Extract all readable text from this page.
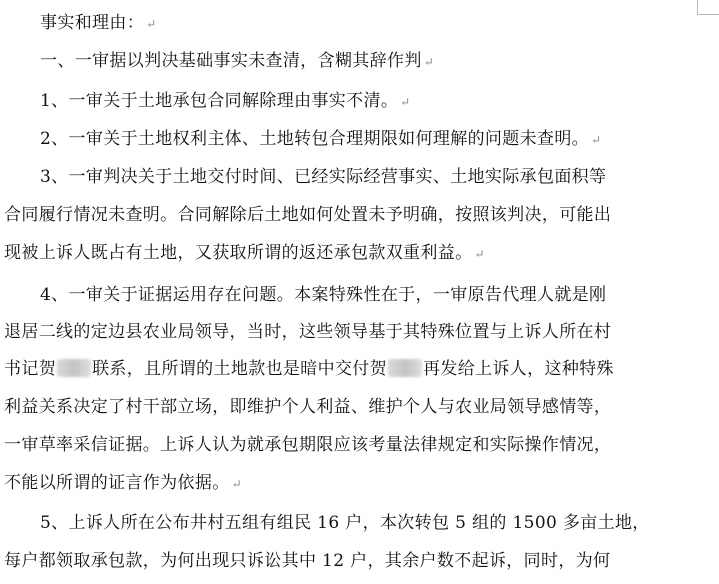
事实和理由： ↵
一、一审据以判决基础事实未查清，含糊其辞作判 ↵
1、一审关于土地承包合同解除理由事实不清。 ↵
2、一审关于土地权利主体、土地转包合理期限如何理解的问题未查明。 ↵
3、一审判决关于土地交付时间、已经实际经营事实、土地实际承包面积等
合同履行情况未查明。合同解除后土地如何处置未予明确，按照该判决，可能出
现被上诉人既占有土地，又获取所谓的返还承包款双重利益。 ↵
4、一审关于证据运用存在问题。本案特殊性在于，一审原告代理人就是刚
退居二线的定边县农业局领导，当时，这些领导基于其特殊位置与上诉人所在村
书记贺 联系，且所谓的土地款也是暗中交付贺 再发给上诉人，这种特殊
利益关系决定了村干部立场，即维护个人利益、维护个人与农业局领导感情等，
一审草率采信证据。上诉人认为就承包期限应该考量法律规定和实际操作情况，
不能以所谓的证言作为依据。 ↵
5、上诉人所在公布井村五组有组民 16 户，本次转包 5 组的 1500 多亩土地，
每户都领取承包款，为何出现只诉讼其中 12 户，其余户数不起诉，同时，为何
